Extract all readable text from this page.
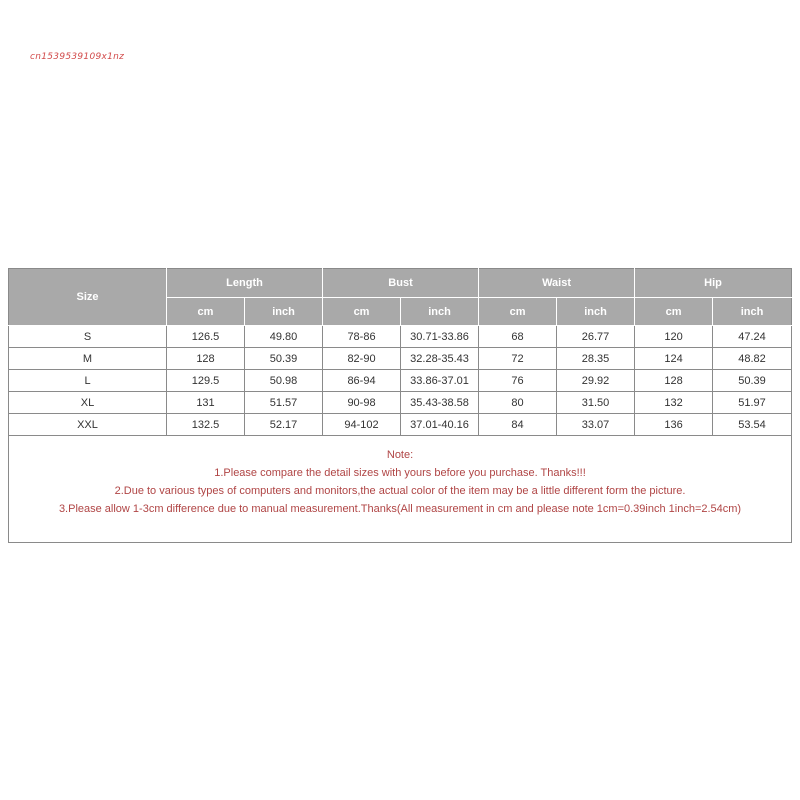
cn1539539109x1nz
Size	Length		Bust		Waist		Hip	
	cm	inch	cm	inch	cm	inch	cm	inch
S	126.5	49.80	78-86	30.71-33.86	68	26.77	120	47.24
M	128	50.39	82-90	32.28-35.43	72	28.35	124	48.82
L	129.5	50.98	86-94	33.86-37.01	76	29.92	128	50.39
XL	131	51.57	90-98	35.43-38.58	80	31.50	132	51.97
XXL	132.5	52.17	94-102	37.01-40.16	84	33.07	136	53.54

Note:
1.Please compare the detail sizes with yours before you purchase. Thanks!!!
2.Due to various types of computers and monitors,the actual color of the item may be a little different form the picture.
3.Please allow 1-3cm difference due to manual measurement.Thanks(All measurement in cm and please note 1cm=0.39inch 1inch=2.54cm)								
